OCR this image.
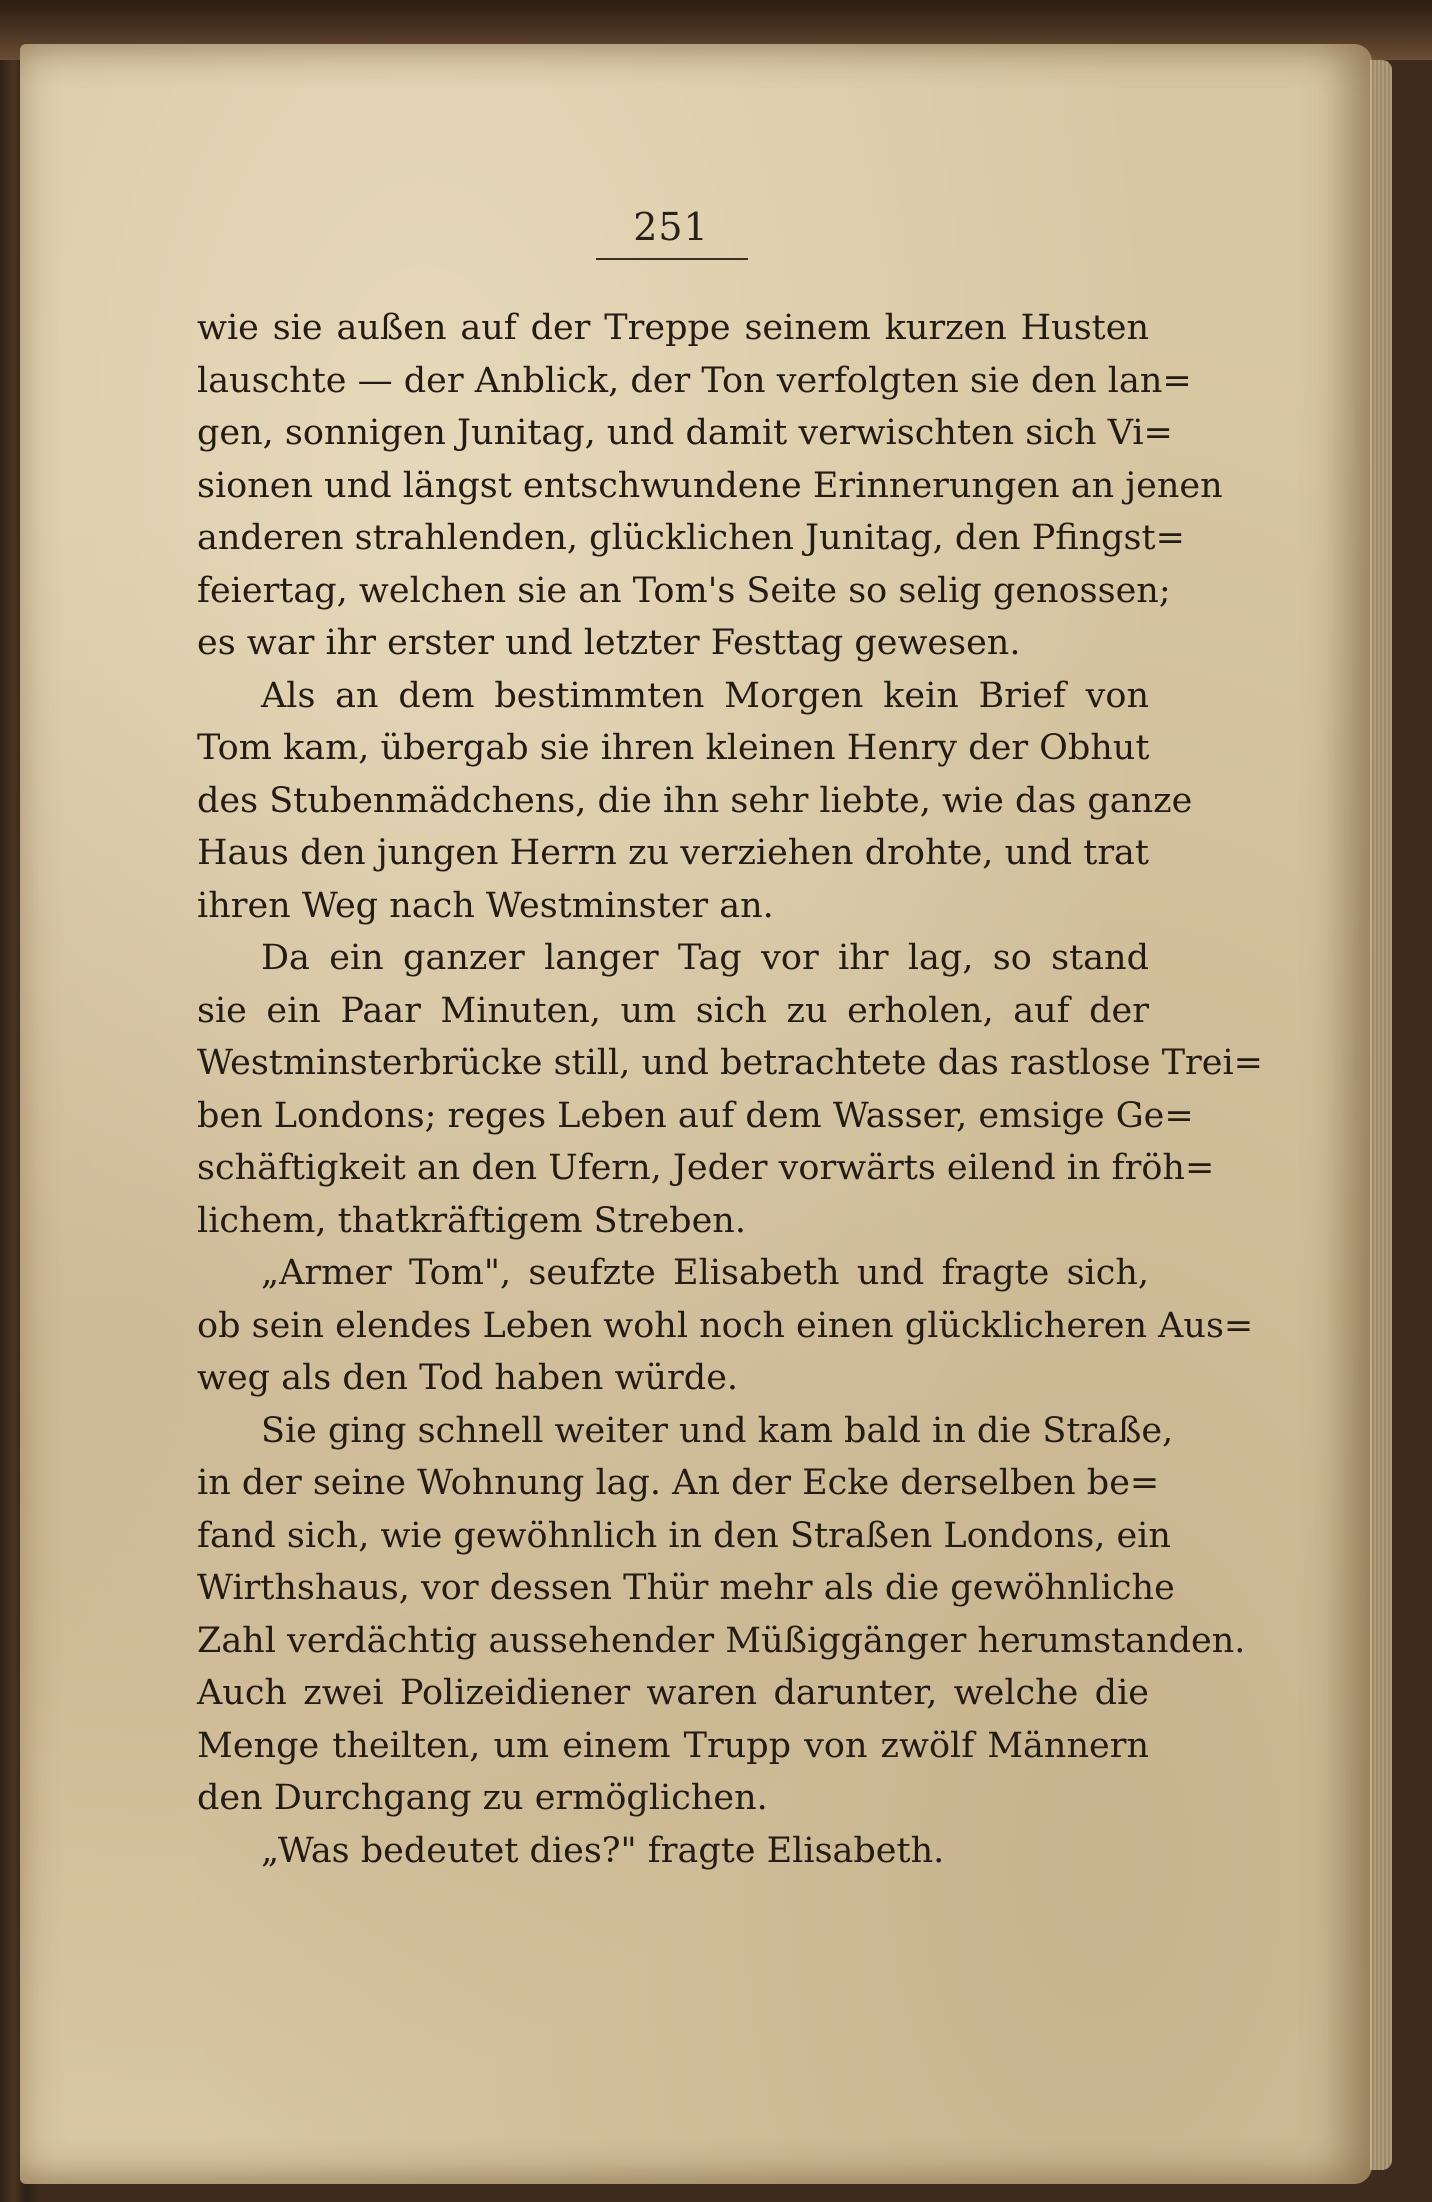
251
wie sie außen auf der Treppe seinem kurzen Husten
lauschte — der Anblick, der Ton verfolgten sie den lan=
gen, sonnigen Junitag, und damit verwischten sich Vi=
sionen und längst entschwundene Erinnerungen an jenen
anderen strahlenden, glücklichen Junitag, den Pfingst=
feiertag, welchen sie an Tom's Seite so selig genossen;
es war ihr erster und letzter Festtag gewesen.
Als an dem bestimmten Morgen kein Brief von
Tom kam, übergab sie ihren kleinen Henry der Obhut
des Stubenmädchens, die ihn sehr liebte, wie das ganze
Haus den jungen Herrn zu verziehen drohte, und trat
ihren Weg nach Westminster an.
Da ein ganzer langer Tag vor ihr lag, so stand
sie ein Paar Minuten, um sich zu erholen, auf der
Westminsterbrücke still, und betrachtete das rastlose Trei=
ben Londons; reges Leben auf dem Wasser, emsige Ge=
schäftigkeit an den Ufern, Jeder vorwärts eilend in fröh=
lichem, thatkräftigem Streben.
„Armer Tom", seufzte Elisabeth und fragte sich,
ob sein elendes Leben wohl noch einen glücklicheren Aus=
weg als den Tod haben würde.
Sie ging schnell weiter und kam bald in die Straße,
in der seine Wohnung lag. An der Ecke derselben be=
fand sich, wie gewöhnlich in den Straßen Londons, ein
Wirthshaus, vor dessen Thür mehr als die gewöhnliche
Zahl verdächtig aussehender Müßiggänger herumstanden.
Auch zwei Polizeidiener waren darunter, welche die
Menge theilten, um einem Trupp von zwölf Männern
den Durchgang zu ermöglichen.
„Was bedeutet dies?" fragte Elisabeth.
